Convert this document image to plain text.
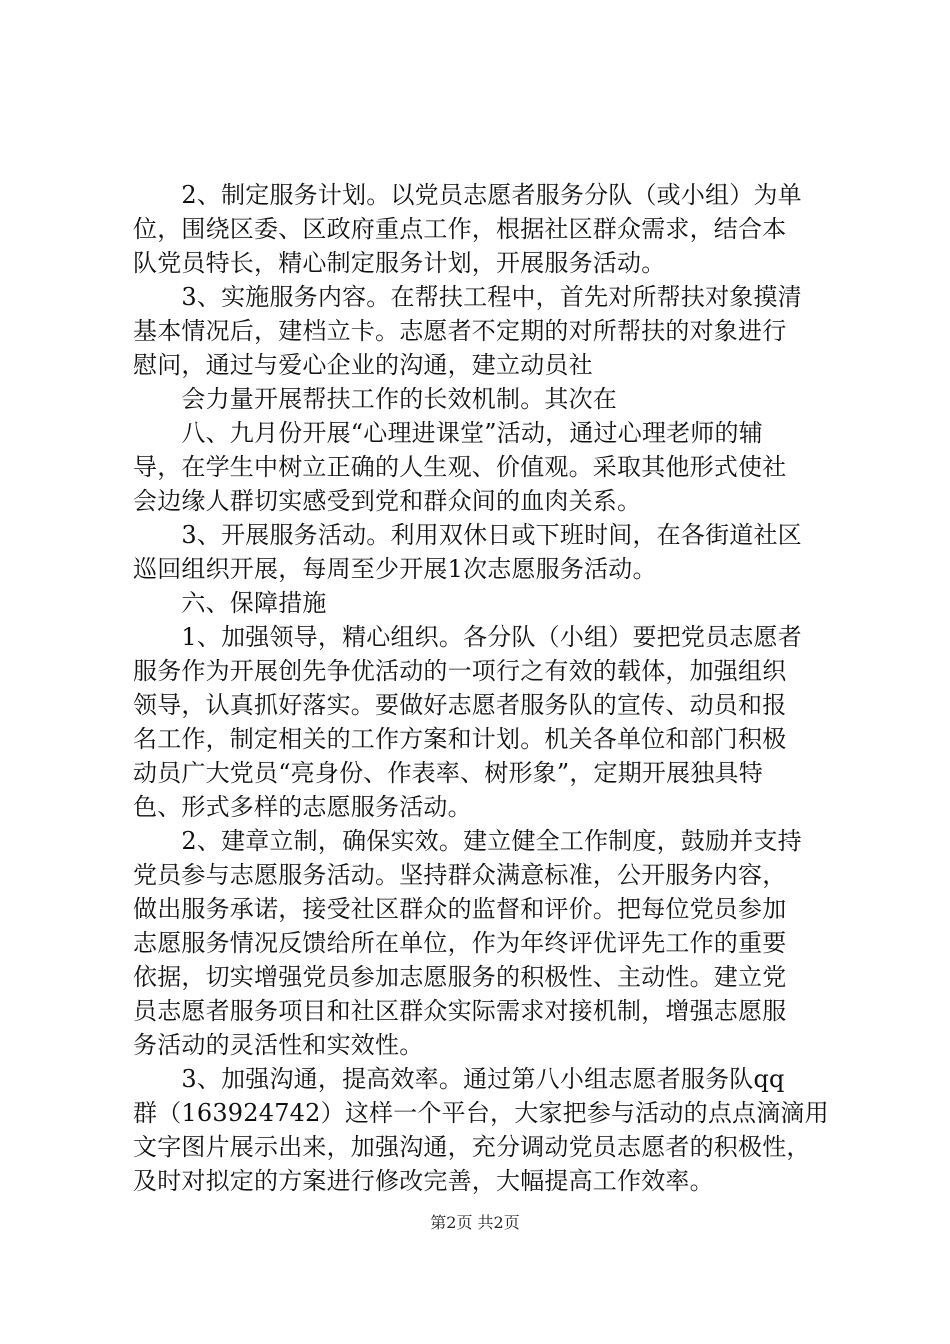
　　2、制定服务计划。以党员志愿者服务分队（或小组）为单
位，围绕区委、区政府重点工作，根据社区群众需求，结合本
队党员特长，精心制定服务计划，开展服务活动。
　　3、实施服务内容。在帮扶工程中，首先对所帮扶对象摸清
基本情况后，建档立卡。志愿者不定期的对所帮扶的对象进行
慰问，通过与爱心企业的沟通，建立动员社
　　会力量开展帮扶工作的长效机制。其次在
　　八、九月份开展“心理进课堂”活动，通过心理老师的辅
导，在学生中树立正确的人生观、价值观。采取其他形式使社
会边缘人群切实感受到党和群众间的血肉关系。
　　3、开展服务活动。利用双休日或下班时间，在各街道社区
巡回组织开展，每周至少开展1次志愿服务活动。
　　六、保障措施
　　1、加强领导，精心组织。各分队（小组）要把党员志愿者
服务作为开展创先争优活动的一项行之有效的载体，加强组织
领导，认真抓好落实。要做好志愿者服务队的宣传、动员和报
名工作，制定相关的工作方案和计划。机关各单位和部门积极
动员广大党员“亮身份、作表率、树形象”，定期开展独具特
色、形式多样的志愿服务活动。
　　2、建章立制，确保实效。建立健全工作制度，鼓励并支持
党员参与志愿服务活动。坚持群众满意标准，公开服务内容，
做出服务承诺，接受社区群众的监督和评价。把每位党员参加
志愿服务情况反馈给所在单位，作为年终评优评先工作的重要
依据，切实增强党员参加志愿服务的积极性、主动性。建立党
员志愿者服务项目和社区群众实际需求对接机制，增强志愿服
务活动的灵活性和实效性。
　　3、加强沟通，提高效率。通过第八小组志愿者服务队qq
群（163924742）这样一个平台，大家把参与活动的点点滴滴用
文字图片展示出来，加强沟通，充分调动党员志愿者的积极性，
及时对拟定的方案进行修改完善，大幅提高工作效率。
第2页 共2页
